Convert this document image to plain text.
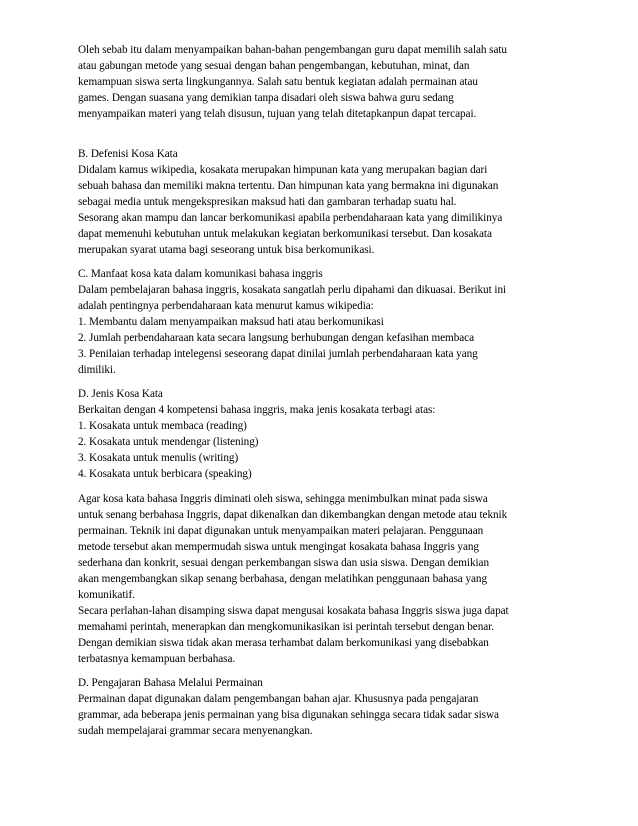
Oleh sebab itu dalam menyampaikan bahan-bahan pengembangan guru dapat memilih salah satu

atau gabungan metode yang sesuai dengan bahan pengembangan, kebutuhan, minat, dan

kemampuan siswa serta lingkungannya. Salah satu bentuk kegiatan adalah permainan atau

games. Dengan suasana yang demikian tanpa disadari oleh siswa bahwa guru sedang

menyampaikan materi yang telah disusun, tujuan yang telah ditetapkanpun dapat tercapai.

B. Defenisi Kosa Kata

Didalam kamus wikipedia, kosakata merupakan himpunan kata yang merupakan bagian dari

sebuah bahasa dan memiliki makna tertentu. Dan himpunan kata yang bermakna ini digunakan

sebagai media untuk mengekspresikan maksud hati dan gambaran terhadap suatu hal.

Sesorang akan mampu dan lancar berkomunikasi apabila perbendaharaan kata yang dimilikinya

dapat memenuhi kebutuhan untuk melakukan kegiatan berkomunikasi tersebut. Dan kosakata

merupakan syarat utama bagi seseorang untuk bisa berkomunikasi.

C. Manfaat kosa kata dalam komunikasi bahasa inggris

Dalam pembelajaran bahasa inggris, kosakata sangatlah perlu dipahami dan dikuasai. Berikut ini

adalah pentingnya perbendaharaan kata menurut kamus wikipedia:

1. Membantu dalam menyampaikan maksud hati atau berkomunikasi

2. Jumlah perbendaharaan kata secara langsung berhubungan dengan kefasihan membaca

3. Penilaian terhadap intelegensi seseorang dapat dinilai jumlah perbendaharaan kata yang

dimiliki.

D. Jenis Kosa Kata

Berkaitan dengan 4 kompetensi bahasa inggris, maka jenis kosakata terbagi atas:

1. Kosakata untuk membaca (reading)

2. Kosakata untuk mendengar (listening)

3. Kosakata untuk menulis (writing)

4. Kosakata untuk berbicara (speaking)

Agar kosa kata bahasa Inggris diminati oleh siswa, sehingga menimbulkan minat pada siswa

untuk senang berbahasa Inggris, dapat dikenalkan dan dikembangkan dengan metode atau teknik

permainan. Teknik ini dapat digunakan untuk menyampaikan materi pelajaran. Penggunaan

metode tersebut akan mempermudah siswa untuk mengingat kosakata bahasa Inggris yang

sederhana dan konkrit, sesuai dengan perkembangan siswa dan usia siswa. Dengan demikian

akan mengembangkan sikap senang berbahasa, dengan melatihkan penggunaan bahasa yang

komunikatif.

Secara perlahan-lahan disamping siswa dapat mengusai kosakata bahasa Inggris siswa juga dapat

memahami perintah, menerapkan dan mengkomunikasikan isi perintah tersebut dengan benar.

Dengan demikian siswa tidak akan merasa terhambat dalam berkomunikasi yang disebabkan

terbatasnya kemampuan berbahasa.

D. Pengajaran Bahasa Melalui Permainan

Permainan dapat digunakan dalam pengembangan bahan ajar. Khususnya pada pengajaran

grammar, ada beberapa jenis permainan yang bisa digunakan sehingga secara tidak sadar siswa

sudah mempelajarai grammar secara menyenangkan.
